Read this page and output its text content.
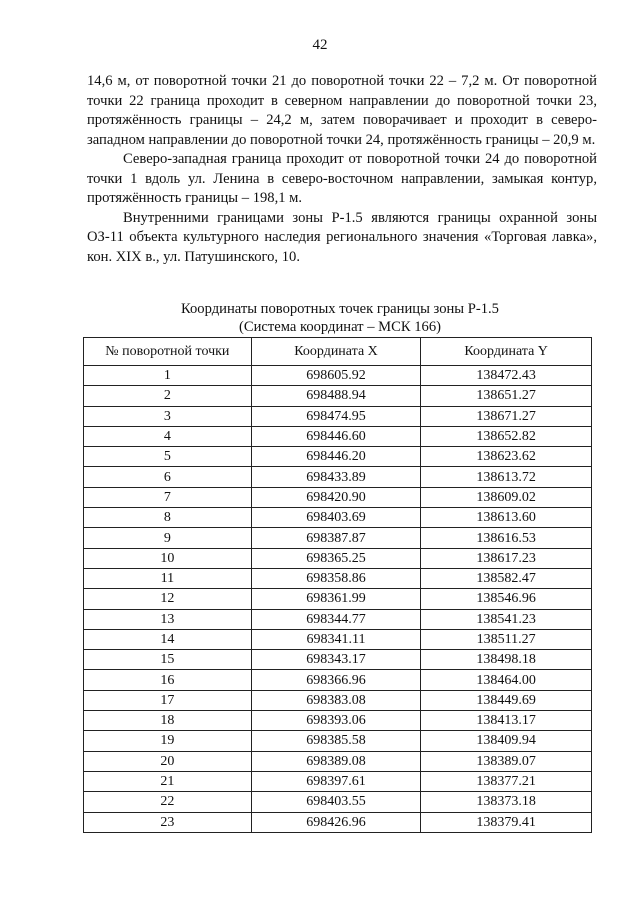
42

14,6 м, от поворотной точки 21 до поворотной точки 22 – 7,2 м. От поворотной точки 22 граница проходит в северном направлении до поворотной точки 23, протяжённость границы – 24,2 м, затем поворачивает и проходит в северо-западном направлении до поворотной точки 24, протяжённость границы – 20,9 м.

Северо-западная граница проходит от поворотной точки 24 до поворотной точки 1 вдоль ул. Ленина в северо-восточном направлении, замыкая контур, протяжённость границы – 198,1 м.

Внутренними границами зоны Р-1.5 являются границы охранной зоны ОЗ-11 объекта культурного наследия регионального значения «Торговая лавка», кон. XIX в., ул. Патушинского, 10.

Координаты поворотных точек границы зоны Р-1.5
(Система координат – МСК 166)
№ поворотной точки	Координата X	Координата Y
1	698605.92	138472.43
2	698488.94	138651.27
3	698474.95	138671.27
4	698446.60	138652.82
5	698446.20	138623.62
6	698433.89	138613.72
7	698420.90	138609.02
8	698403.69	138613.60
9	698387.87	138616.53
10	698365.25	138617.23
11	698358.86	138582.47
12	698361.99	138546.96
13	698344.77	138541.23
14	698341.11	138511.27
15	698343.17	138498.18
16	698366.96	138464.00
17	698383.08	138449.69
18	698393.06	138413.17
19	698385.58	138409.94
20	698389.08	138389.07
21	698397.61	138377.21
22	698403.55	138373.18
23	698426.96	138379.41
